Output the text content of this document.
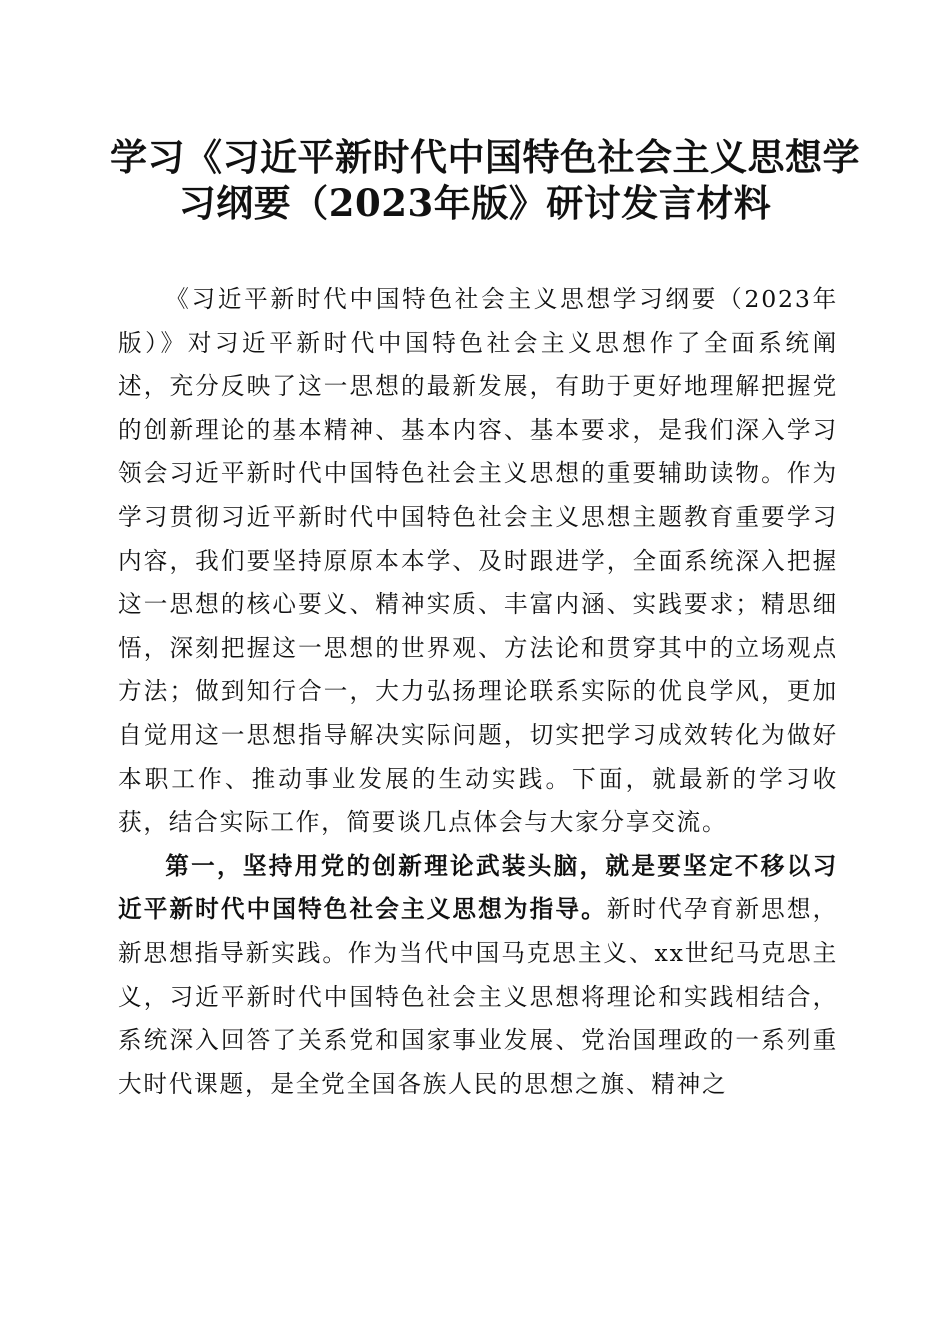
学习《习近平新时代中国特色社会主义思想学
习纲要（2023年版》研讨发言材料

《习近平新时代中国特色社会主义思想学习纲要（2023年版）》对习近平新时代中国特色社会主义思想作了全面系统阐述，充分反映了这一思想的最新发展，有助于更好地理解把握党的创新理论的基本精神、基本内容、基本要求，是我们深入学习领会习近平新时代中国特色社会主义思想的重要辅助读物。作为学习贯彻习近平新时代中国特色社会主义思想主题教育重要学习内容，我们要坚持原原本本学、及时跟进学，全面系统深入把握这一思想的核心要义、精神实质、丰富内涵、实践要求；精思细悟，深刻把握这一思想的世界观、方法论和贯穿其中的立场观点方法；做到知行合一，大力弘扬理论联系实际的优良学风，更加自觉用这一思想指导解决实际问题，切实把学习成效转化为做好本职工作、推动事业发展的生动实践。下面，就最新的学习收获，结合实际工作，简要谈几点体会与大家分享交流。

第一，坚持用党的创新理论武装头脑，就是要坚定不移以习近平新时代中国特色社会主义思想为指导。新时代孕育新思想，新思想指导新实践。作为当代中国马克思主义、xx世纪马克思主义，习近平新时代中国特色社会主义思想将理论和实践相结合，系统深入回答了关系党和国家事业发展、党治国理政的一系列重大时代课题，是全党全国各族人民的思想之旗、精神之
